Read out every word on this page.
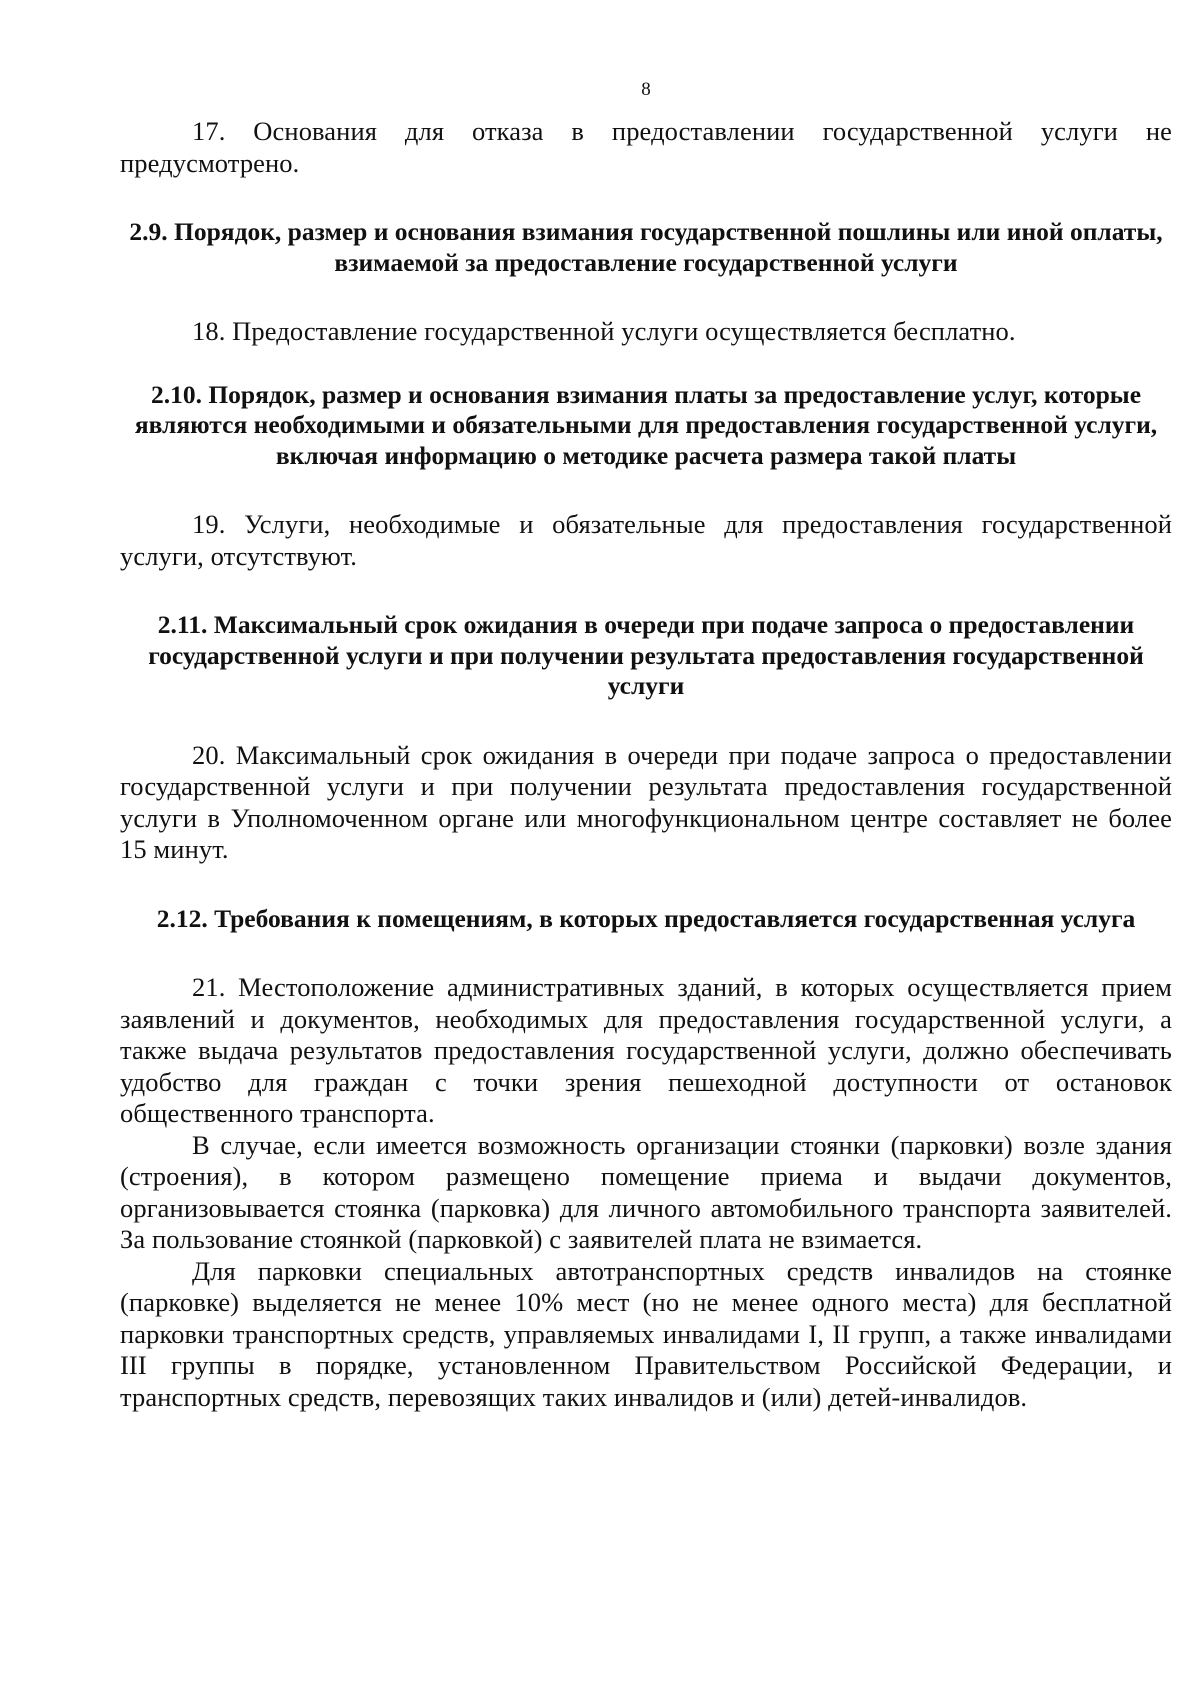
8

17. Основания для отказа в предоставлении государственной услуги не предусмотрено.

2.9. Порядок, размер и основания взимания государственной пошлины или иной оплаты, взимаемой за предоставление государственной услуги

18. Предоставление государственной услуги осуществляется бесплатно.

2.10. Порядок, размер и основания взимания платы за предоставление услуг, которые являются необходимыми и обязательными для предоставления государственной услуги, включая информацию о методике расчета размера такой платы

19. Услуги, необходимые и обязательные для предоставления государственной услуги, отсутствуют.

2.11. Максимальный срок ожидания в очереди при подаче запроса о предоставлении государственной услуги и при получении результата предоставления государственной услуги

20. Максимальный срок ожидания в очереди при подаче запроса о предоставлении государственной услуги и при получении результата предоставления государственной услуги в Уполномоченном органе или многофункциональном центре составляет не более 15 минут.

2.12. Требования к помещениям, в которых предоставляется государственная услуга

21. Местоположение административных зданий, в которых осуществляется прием заявлений и документов, необходимых для предоставления государственной услуги, а также выдача результатов предоставления государственной услуги, должно обеспечивать удобство для граждан с точки зрения пешеходной доступности от остановок общественного транспорта.

В случае, если имеется возможность организации стоянки (парковки) возле здания (строения), в котором размещено помещение приема и выдачи документов, организовывается стоянка (парковка) для личного автомобильного транспорта заявителей. За пользование стоянкой (парковкой) с заявителей плата не взимается.

Для парковки специальных автотранспортных средств инвалидов на стоянке (парковке) выделяется не менее 10% мест (но не менее одного места) для бесплатной парковки транспортных средств, управляемых инвалидами I, II групп, а также инвалидами III группы в порядке, установленном Правительством Российской Федерации, и транспортных средств, перевозящих таких инвалидов и (или) детей-инвалидов.
